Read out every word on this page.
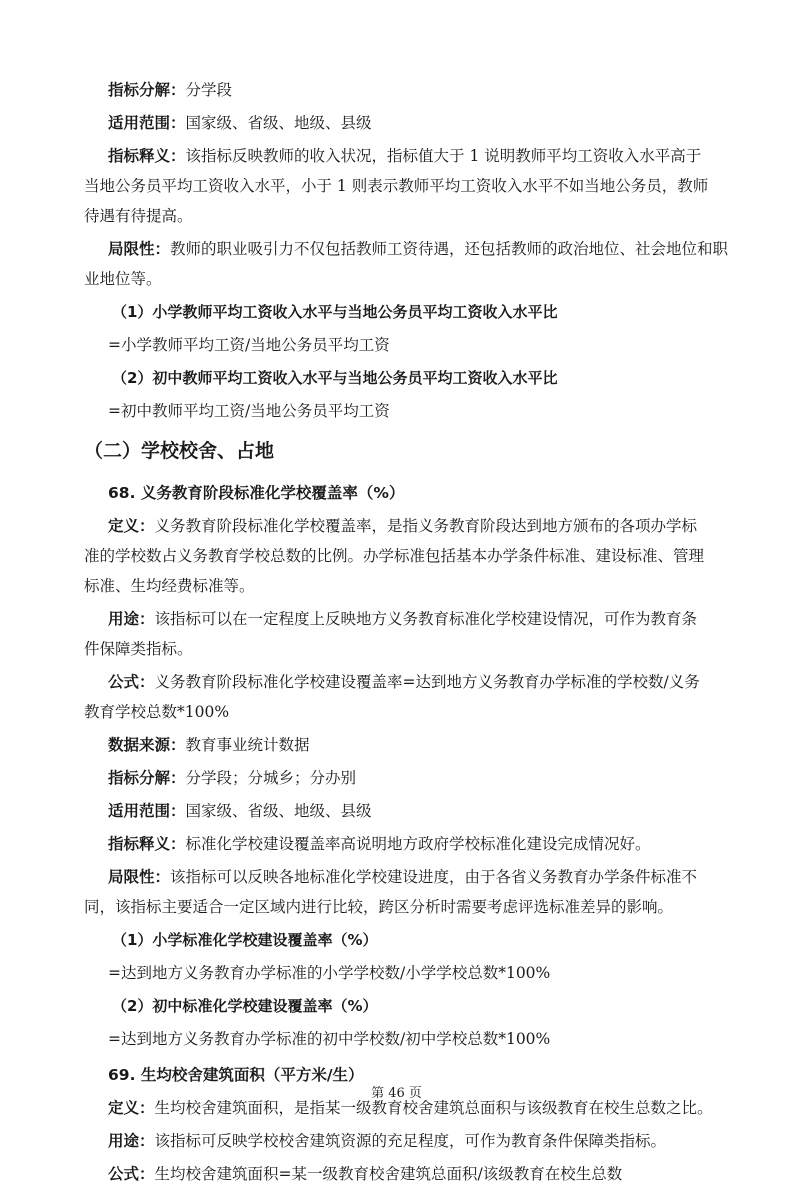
指标分解：分学段

适用范围：国家级、省级、地级、县级

指标释义：该指标反映教师的收入状况，指标值大于 1 说明教师平均工资收入水平高于

当地公务员平均工资收入水平，小于 1 则表示教师平均工资收入水平不如当地公务员，教师

待遇有待提高。

局限性：教师的职业吸引力不仅包括教师工资待遇，还包括教师的政治地位、社会地位和职

业地位等。

（1）小学教师平均工资收入水平与当地公务员平均工资收入水平比

=小学教师平均工资/当地公务员平均工资

（2）初中教师平均工资收入水平与当地公务员平均工资收入水平比

=初中教师平均工资/当地公务员平均工资

（二）学校校舍、占地
68. 义务教育阶段标准化学校覆盖率（%）

定义：义务教育阶段标准化学校覆盖率，是指义务教育阶段达到地方颁布的各项办学标

准的学校数占义务教育学校总数的比例。办学标准包括基本办学条件标准、建设标准、管理

标准、生均经费标准等。

用途：该指标可以在一定程度上反映地方义务教育标准化学校建设情况，可作为教育条

件保障类指标。

公式：义务教育阶段标准化学校建设覆盖率=达到地方义务教育办学标准的学校数/义务

教育学校总数*100%

数据来源：教育事业统计数据

指标分解：分学段；分城乡；分办别

适用范围：国家级、省级、地级、县级

指标释义：标准化学校建设覆盖率高说明地方政府学校标准化建设完成情况好。

局限性：该指标可以反映各地标准化学校建设进度，由于各省义务教育办学条件标准不

同，该指标主要适合一定区域内进行比较，跨区分析时需要考虑评选标准差异的影响。

（1）小学标准化学校建设覆盖率（%）

=达到地方义务教育办学标准的小学学校数/小学学校总数*100%

（2）初中标准化学校建设覆盖率（%）

=达到地方义务教育办学标准的初中学校数/初中学校总数*100%

69. 生均校舍建筑面积（平方米/生）

定义：生均校舍建筑面积，是指某一级教育校舍建筑总面积与该级教育在校生总数之比。

用途：该指标可反映学校校舍建筑资源的充足程度，可作为教育条件保障类指标。

公式：生均校舍建筑面积=某一级教育校舍建筑总面积/该级教育在校生总数

第 46 页
